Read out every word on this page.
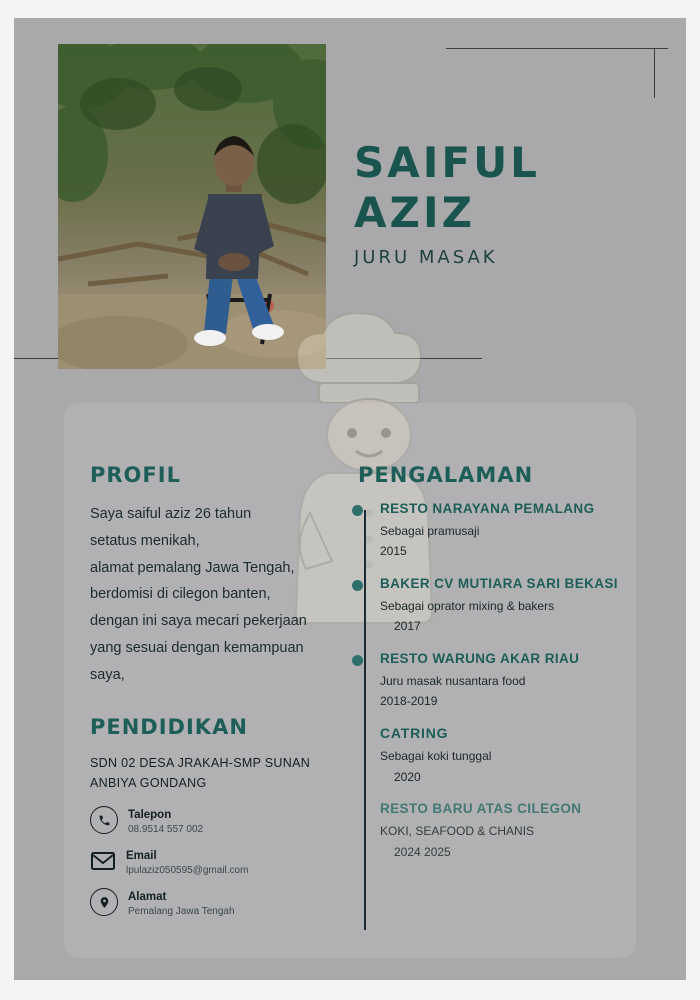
SAIFUL
AZIZ
JURU MASAK
PROFIL
Saya saiful aziz 26 tahun
setatus menikah,
alamat pemalang Jawa Tengah,
berdomisi di cilegon banten,
dengan ini saya mecari pekerjaan
yang sesuai dengan kemampuan
saya,
PENDIDIKAN
SDN 02 DESA JRAKAH-SMP SUNAN
ANBIYA GONDANG
Talepon
08.9514 557 002
Email
lpulaziz050595@gmail.com
Alamat
Pemalang Jawa Tengah
PENGALAMAN
RESTO NARAYANA PEMALANG
Sebagai pramusaji
2015
BAKER CV MUTIARA SARI BEKASI
Sebagai oprator mixing & bakers
2017
RESTO WARUNG AKAR RIAU
Juru masak nusantara food
2018-2019
CATRING
Sebagai koki tunggal
2020
RESTO BARU ATAS CILEGON
KOKI, SEAFOOD & CHANIS
2024 2025
